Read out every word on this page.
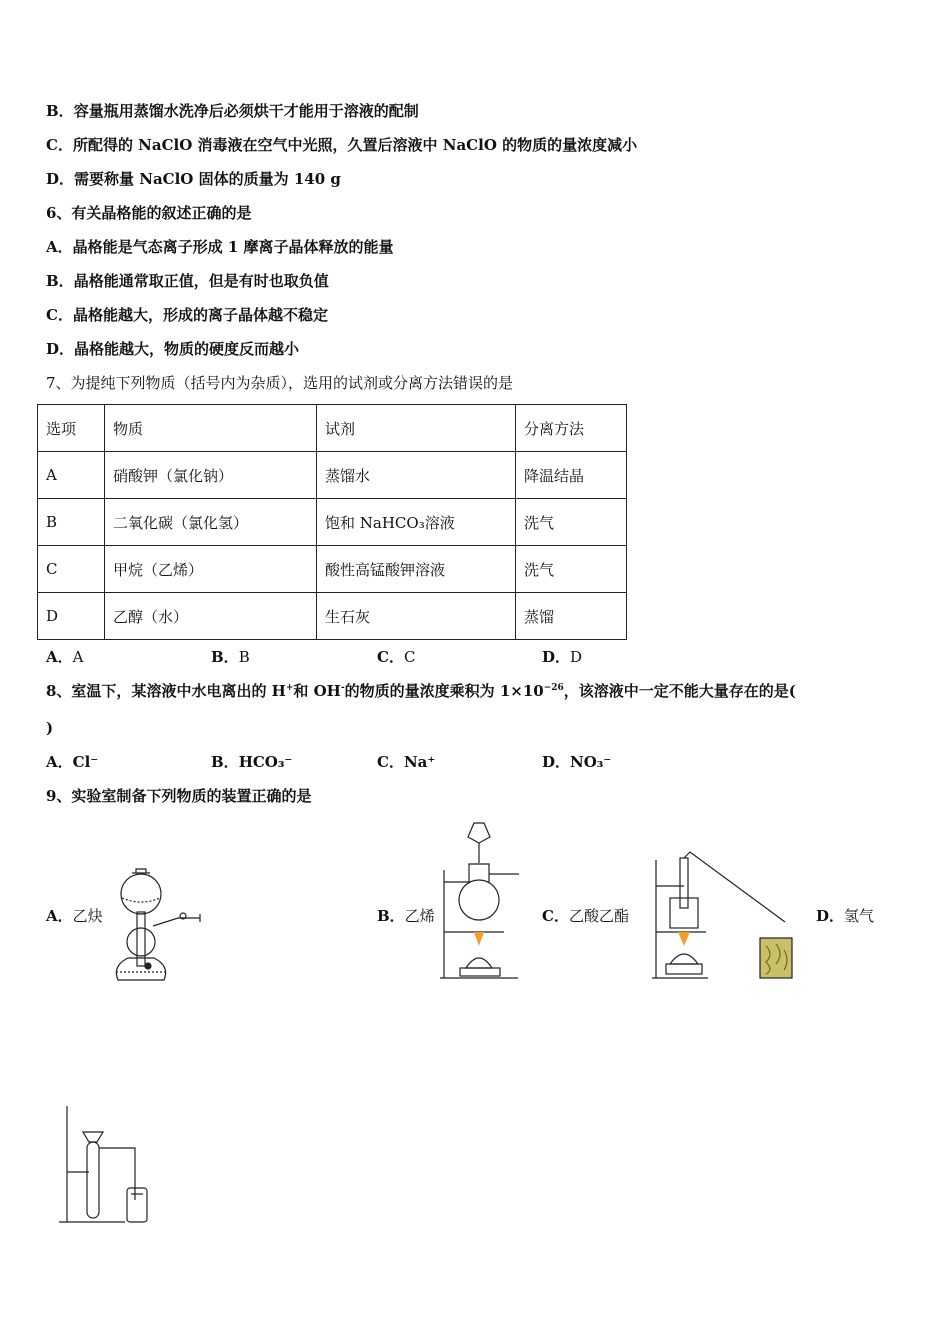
B．容量瓶用蒸馏水洗净后必须烘干才能用于溶液的配制
C．所配得的 NaClO 消毒液在空气中光照，久置后溶液中 NaClO 的物质的量浓度减小
D．需要称量 NaClO 固体的质量为 140 g
6、有关晶格能的叙述正确的是
A．晶格能是气态离子形成 1 摩离子晶体释放的能量
B．晶格能通常取正值，但是有时也取负值
C．晶格能越大，形成的离子晶体越不稳定
D．晶格能越大，物质的硬度反而越小
7、为提纯下列物质（括号内为杂质），选用的试剂或分离方法错误的是
选项	物质	试剂	分离方法
A	硝酸钾（氯化钠）	蒸馏水	降温结晶
B	二氧化碳（氯化氢）	饱和 NaHCO₃溶液	洗气
C	甲烷（乙烯）	酸性高锰酸钾溶液	洗气
D	乙醇（水）	生石灰	蒸馏
A．A	B．B	C．C	D．D
8、室温下，某溶液中水电离出的 H+和 OH-的物质的量浓度乘积为 $1\times 10^{-26}$，该溶液中一定不能大量存在的是(
)
A．Cl⁻	B．HCO₃⁻	C．Na⁺	D．NO₃⁻
9、实验室制备下列物质的装置正确的是
A．乙炔	B．乙烯	C．乙酸乙酯	D．氢气
